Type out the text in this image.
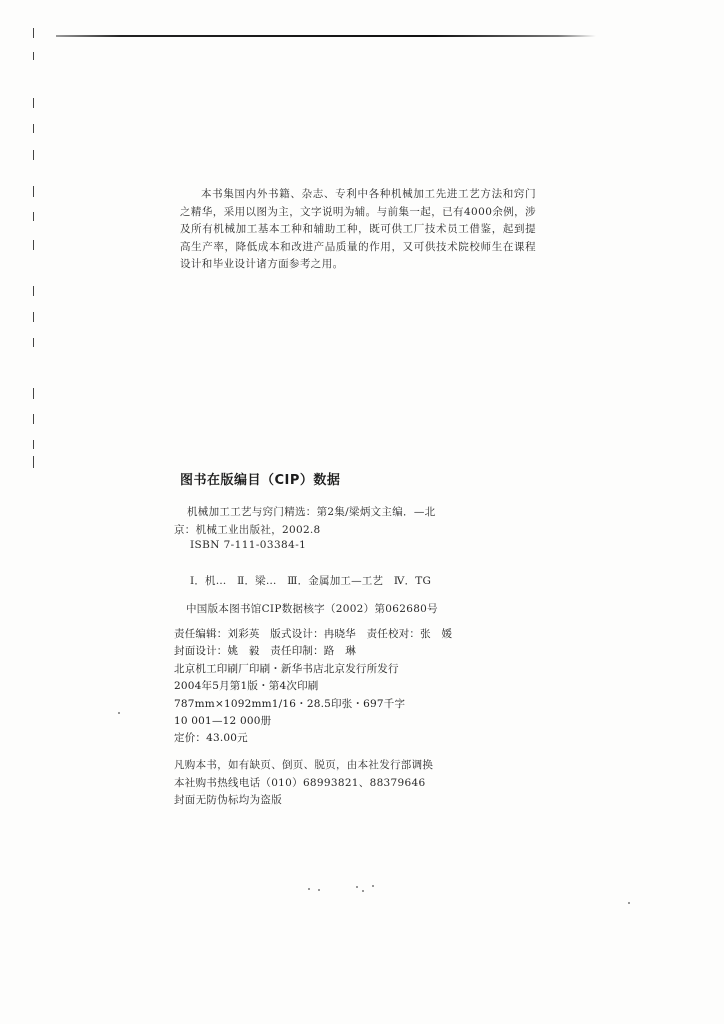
本书集国内外书籍、杂志、专利中各种机械加工先进工艺方法和窍门之精华，采用以图为主，文字说明为辅。与前集一起，已有4000余例，涉及所有机械加工基本工种和辅助工种，既可供工厂技术员工借鉴，起到提高生产率，降低成本和改进产品质量的作用，又可供技术院校师生在课程设计和毕业设计诸方面参考之用。

图书在版编目（CIP）数据

机械加工工艺与窍门精选：第2集/梁炳文主编．—北京：机械工业出版社，2002.8

ISBN 7-111-03384-1

Ⅰ．机…　Ⅱ．梁…　Ⅲ．金属加工—工艺　Ⅳ．TG

中国版本图书馆CIP数据核字（2002）第062680号

责任编辑：刘彩英　版式设计：冉晓华　责任校对：张　媛
封面设计：姚　毅　责任印制：路　琳
北京机工印刷厂印刷・新华书店北京发行所发行
2004年5月第1版・第4次印刷
787mm×1092mm1/16・28.5印张・697千字
10 001—12 000册
定价：43.00元
凡购本书，如有缺页、倒页、脱页，由本社发行部调换
本社购书热线电话（010）68993821、88379646
封面无防伪标均为盗版
